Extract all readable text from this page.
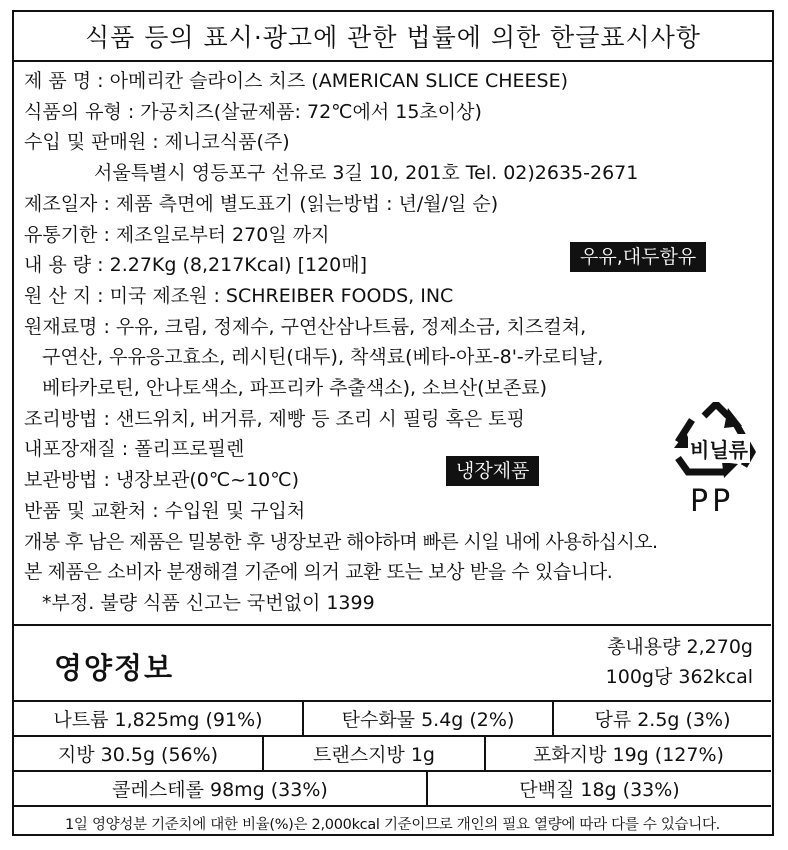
식품 등의 표시·광고에 관한 법률에 의한 한글표시사항
제 품 명 : 아메리칸 슬라이스 치즈 (AMERICAN SLICE CHEESE)
식품의 유형 : 가공치즈(살균제품: 72℃에서 15초이상)
수입 및 판매원 : 제니코식품(주)
서울특별시 영등포구 선유로 3길 10, 201호 Tel. 02)2635-2671
제조일자 : 제품 측면에 별도표기 (읽는방법 : 년/월/일 순)
유통기한 : 제조일로부터 270일 까지
내 용 량 : 2.27Kg (8,217Kcal) [120매]
원 산 지 : 미국 제조원 : SCHREIBER FOODS, INC
원재료명 : 우유, 크림, 정제수, 구연산삼나트륨, 정제소금, 치즈컬쳐,
구연산, 우유응고효소, 레시틴(대두), 착색료(베타-아포-8'-카로티날,
베타카로틴, 안나토색소, 파프리카 추출색소), 소브산(보존료)
조리방법 : 샌드위치, 버거류, 제빵 등 조리 시 필링 혹은 토핑
내포장재질 : 폴리프로필렌
보관방법 : 냉장보관(0℃~10℃)
반품 및 교환처 : 수입원 및 구입처
개봉 후 남은 제품은 밀봉한 후 냉장보관 해야하며 빠른 시일 내에 사용하십시오.
본 제품은 소비자 분쟁해결 기준에 의거 교환 또는 보상 받을 수 있습니다.
*부정. 불량 식품 신고는 국번없이 1399
우유,대두함유
냉장제품
비닐류
PP
영양정보
총내용량 2,270g
100g당 362kcal
나트륨 1,825mg (91%)	탄수화물 5.4g (2%)	당류 2.5g (3%)
지방 30.5g (56%)	트랜스지방 1g	포화지방 19g (127%)
콜레스테롤 98mg (33%)	단백질 18g (33%)
1일 영양성분 기준치에 대한 비율(%)은 2,000kcal 기준이므로 개인의 필요 열량에 따라 다를 수 있습니다.
